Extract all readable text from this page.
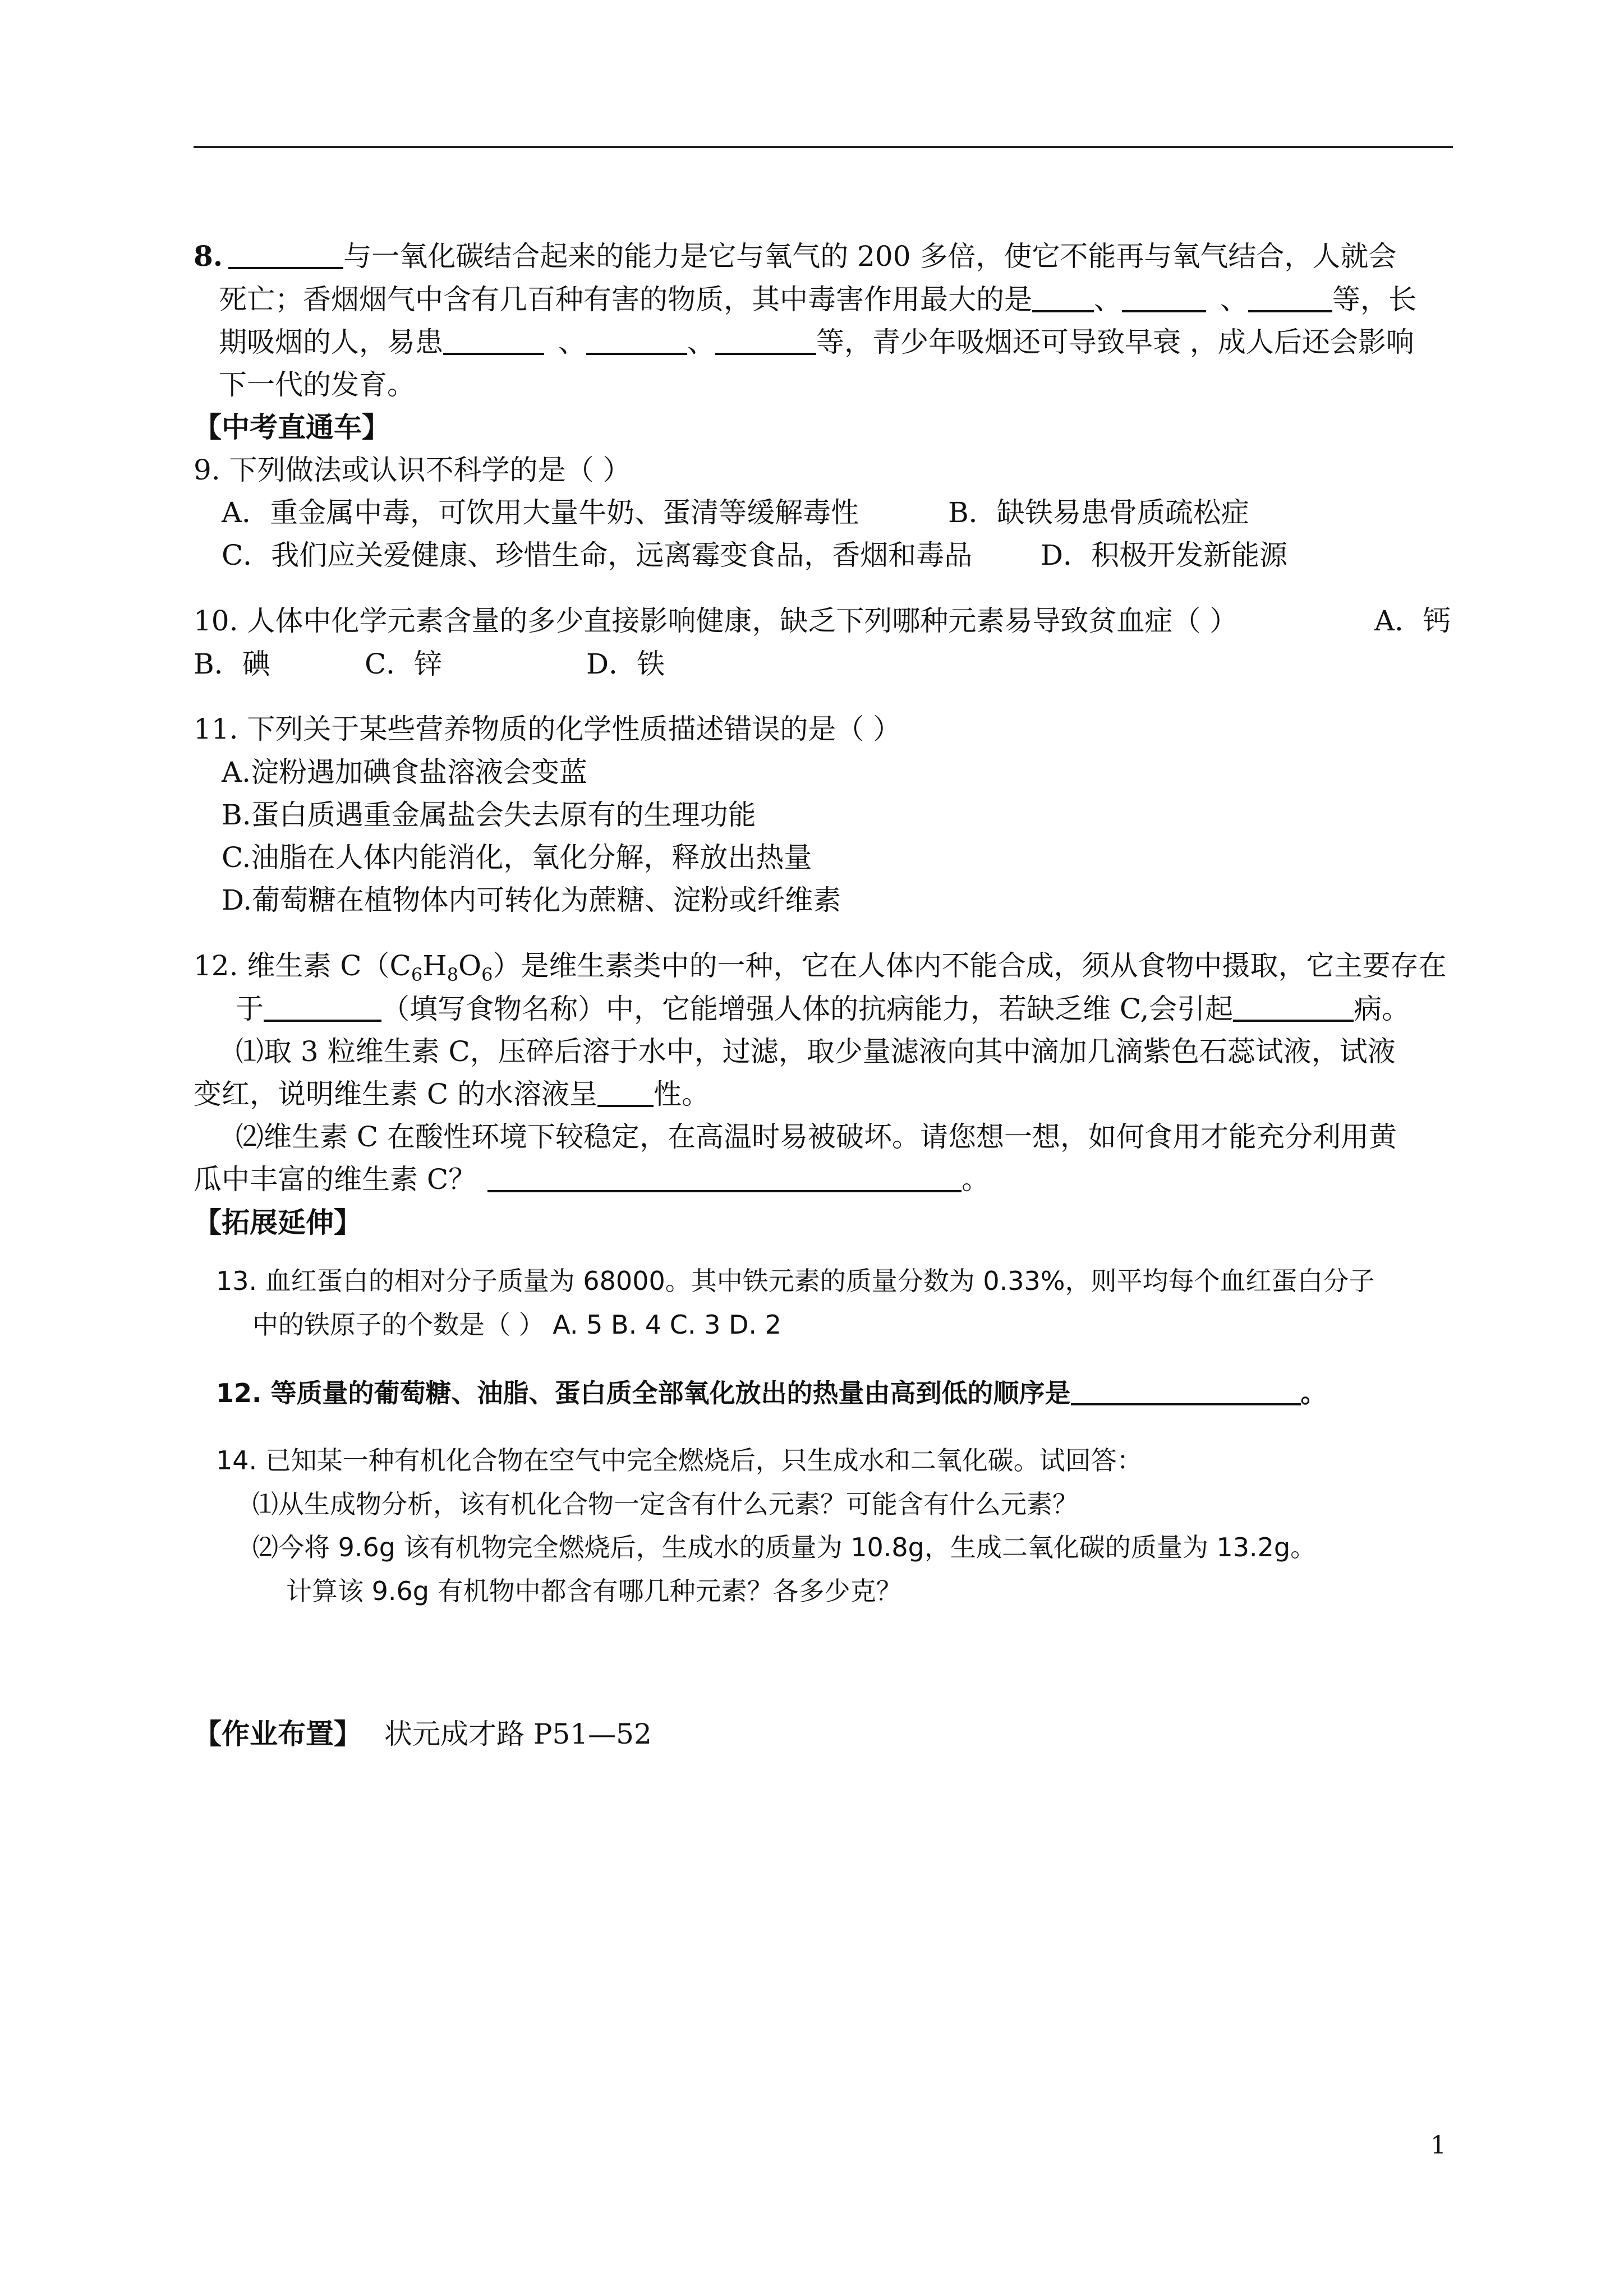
8.	与一氧化碳结合起来的能力是它与氧气的 200 多倍，使它不能再与氧气结合，人就会
死亡；香烟烟气中含有几百种有害的物质，其中毒害作用最大的是 、	、	等，长
期吸烟的人，易患	、	、	等，青少年吸烟还可导致早衰 ，成人后还会影响
下一代的发育。
【中考直通车】
9. 下列做法或认识不科学的是（ ）
A．重金属中毒，可饮用大量牛奶、蛋清等缓解毒性	B．缺铁易患骨质疏松症
C．我们应关爱健康、珍惜生命，远离霉变食品，香烟和毒品 D．积极开发新能源
10. 人体中化学元素含量的多少直接影响健康，缺乏下列哪种元素易导致贫血症（ ）	A．钙
B．碘	C．锌	D．铁
11. 下列关于某些营养物质的化学性质描述错误的是（ ）
A.淀粉遇加碘食盐溶液会变蓝
B.蛋白质遇重金属盐会失去原有的生理功能
C.油脂在人体内能消化，氧化分解，释放出热量
D.葡萄糖在植物体内可转化为蔗糖、淀粉或纤维素
12. 维生素 $C(C_6H_8O_6)$是维生素类中的一种，它在人体内不能合成，须从食物中摄取，它主要存在
于	（填写食物名称）中，它能增强人体的抗病能力，若缺乏维 C,会引起	病。
⑴取 3 粒维生素 C，压碎后溶于水中，过滤，取少量滤液向其中滴加几滴紫色石蕊试液，试液
变红，说明维生素 C 的水溶液呈 性。
⑵维生素 C 在酸性环境下较稳定，在高温时易被破坏。请您想一想，如何食用才能充分利用黄
瓜中丰富的维生素 C？	。
【拓展延伸】
13. 血红蛋白的相对分子质量为 68000。其中铁元素的质量分数为 0.33%，则平均每个血红蛋白分子
中的铁原子的个数是（ ） A. 5 B. 4 C. 3 D. 2
12. 等质量的葡萄糖、油脂、蛋白质全部氧化放出的热量由高到低的顺序是	。
14. 已知某一种有机化合物在空气中完全燃烧后，只生成水和二氧化碳。试回答：
⑴从生成物分析，该有机化合物一定含有什么元素？可能含有什么元素？
⑵今将 9.6g 该有机物完全燃烧后，生成水的质量为 10.8g，生成二氧化碳的质量为 13.2g。
计算该 9.6g 有机物中都含有哪几种元素？各多少克？
【作业布置】 状元成才路 P51—52
1
